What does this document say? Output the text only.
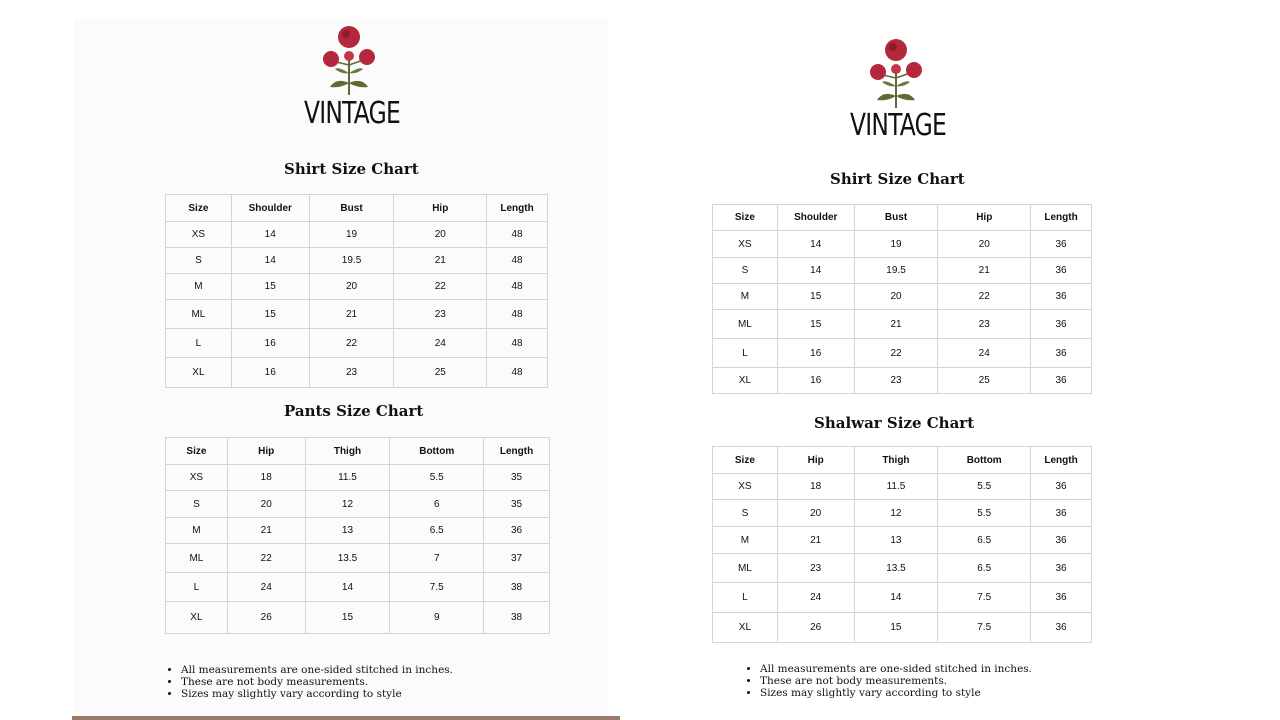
VINTAGE
Shirt Size Chart
Size	Shoulder	Bust	Hip	Length
XS	14	19	20	48
S	14	19.5	21	48
M	15	20	22	48
ML	15	21	23	48
L	16	22	24	48
XL	16	23	25	48
Pants Size Chart
Size	Hip	Thigh	Bottom	Length
XS	18	11.5	5.5	35
S	20	12	6	35
M	21	13	6.5	36
ML	22	13.5	7	37
L	24	14	7.5	38
XL	26	15	9	38
• All measurements are one-sided stitched in inches.
• These are not body measurements.
• Sizes may slightly vary according to style
VINTAGE
Shirt Size Chart
Size	Shoulder	Bust	Hip	Length
XS	14	19	20	36
S	14	19.5	21	36
M	15	20	22	36
ML	15	21	23	36
L	16	22	24	36
XL	16	23	25	36
Shalwar Size Chart
Size	Hip	Thigh	Bottom	Length
XS	18	11.5	5.5	36
S	20	12	5.5	36
M	21	13	6.5	36
ML	23	13.5	6.5	36
L	24	14	7.5	36
XL	26	15	7.5	36
• All measurements are one-sided stitched in inches.
• These are not body measurements.
• Sizes may slightly vary according to style
